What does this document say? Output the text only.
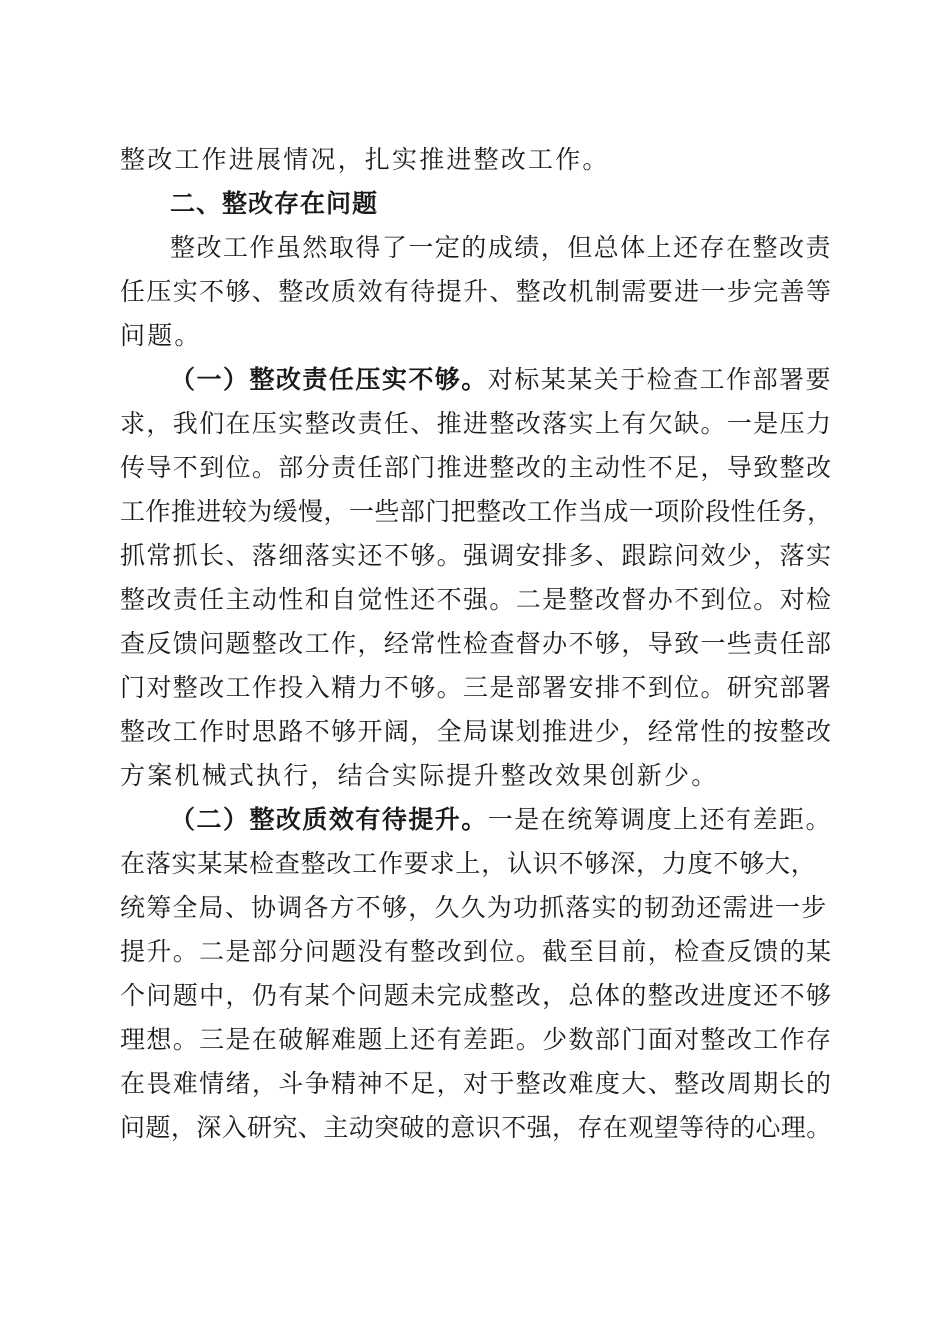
整改工作进展情况，扎实推进整改工作。
二、整改存在问题
整改工作虽然取得了一定的成绩，但总体上还存在整改责
任压实不够、整改质效有待提升、整改机制需要进一步完善等
问题。
（一）整改责任压实不够。对标某某关于检查工作部署要
求，我们在压实整改责任、推进整改落实上有欠缺。一是压力
传导不到位。部分责任部门推进整改的主动性不足，导致整改
工作推进较为缓慢，一些部门把整改工作当成一项阶段性任务，
抓常抓长、落细落实还不够。强调安排多、跟踪问效少，落实
整改责任主动性和自觉性还不强。二是整改督办不到位。对检
查反馈问题整改工作，经常性检查督办不够，导致一些责任部
门对整改工作投入精力不够。三是部署安排不到位。研究部署
整改工作时思路不够开阔，全局谋划推进少，经常性的按整改
方案机械式执行，结合实际提升整改效果创新少。
（二）整改质效有待提升。一是在统筹调度上还有差距。
在落实某某检查整改工作要求上，认识不够深，力度不够大，
统筹全局、协调各方不够，久久为功抓落实的韧劲还需进一步
提升。二是部分问题没有整改到位。截至目前，检查反馈的某
个问题中，仍有某个问题未完成整改，总体的整改进度还不够
理想。三是在破解难题上还有差距。少数部门面对整改工作存
在畏难情绪，斗争精神不足，对于整改难度大、整改周期长的
问题，深入研究、主动突破的意识不强，存在观望等待的心理。
